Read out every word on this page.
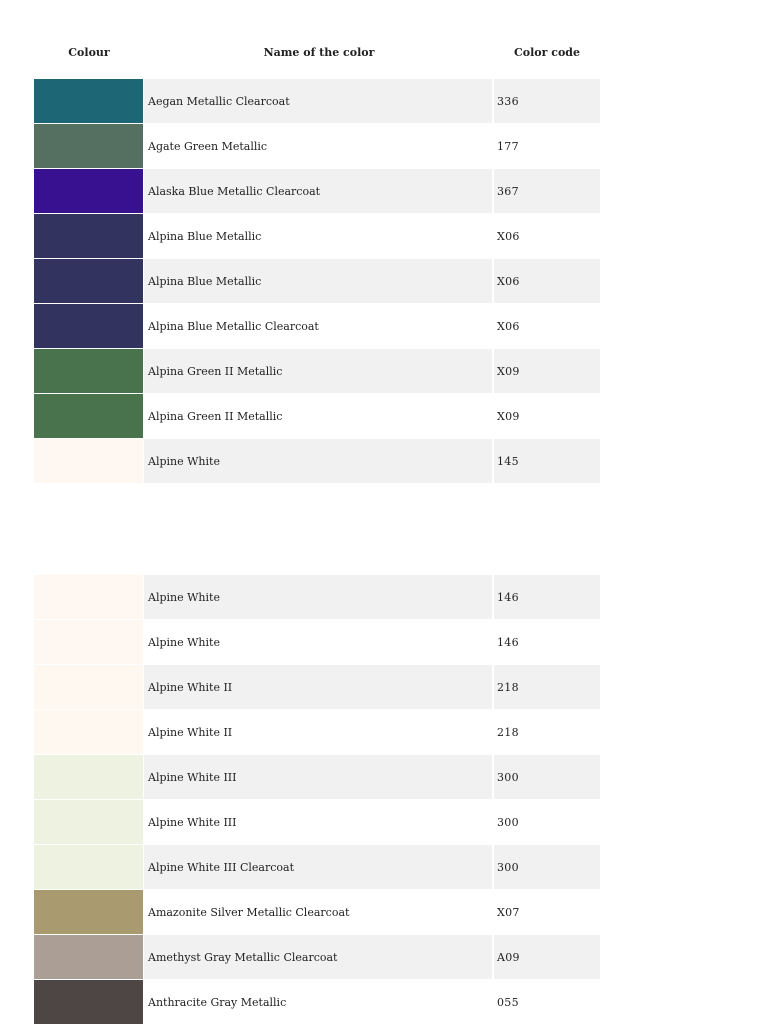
Colour	Name of the color	Color code
Aegan Metallic Clearcoat	336
Agate Green Metallic	177
Alaska Blue Metallic Clearcoat	367
Alpina Blue Metallic	X06
Alpina Blue Metallic	X06
Alpina Blue Metallic Clearcoat	X06
Alpina Green II Metallic	X09
Alpina Green II Metallic	X09
Alpine White	145
Alpine White	146
Alpine White	146
Alpine White II	218
Alpine White II	218
Alpine White III	300
Alpine White III	300
Alpine White III Clearcoat	300
Amazonite Silver Metallic Clearcoat	X07
Amethyst Gray Metallic Clearcoat	A09
Anthracite Gray Metallic	055
